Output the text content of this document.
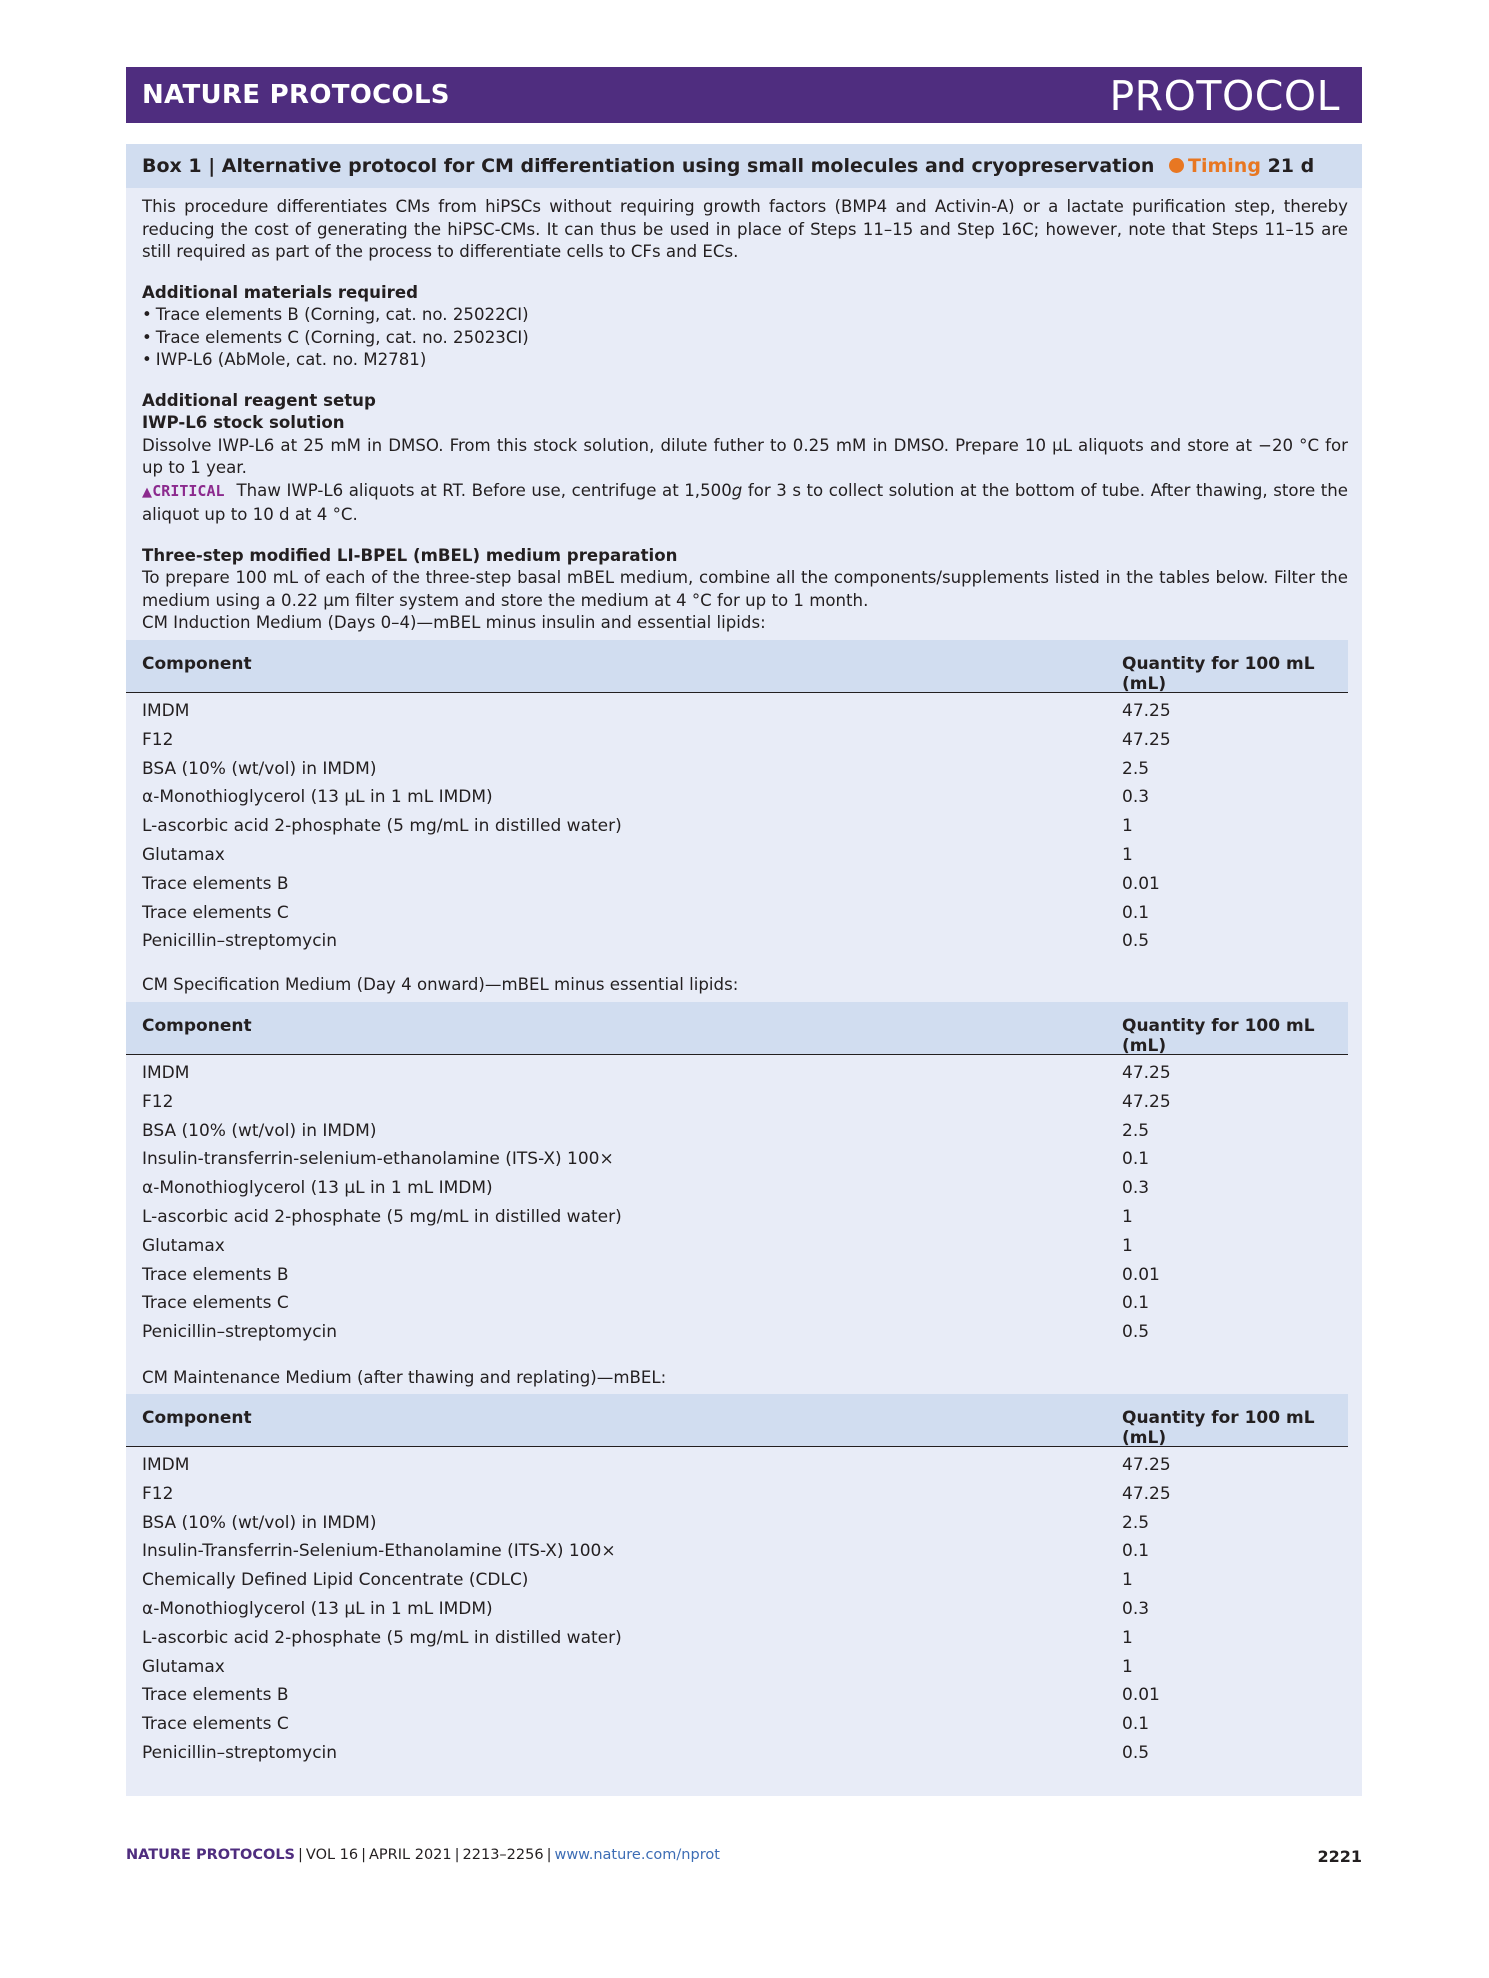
NATURE PROTOCOLS	PROTOCOL
Box 1 | Alternative protocol for CM differentiation using small molecules and cryopreservation Timing 21 d

This procedure differentiates CMs from hiPSCs without requiring growth factors (BMP4 and Activin-A) or a lactate purification step, thereby reducing the cost of generating the hiPSC-CMs. It can thus be used in place of Steps 11–15 and Step 16C; however, note that Steps 11–15 are still required as part of the process to differentiate cells to CFs and ECs.

Additional materials required

• Trace elements B (Corning, cat. no. 25022CI)
• Trace elements C (Corning, cat. no. 25023CI)
• IWP-L6 (AbMole, cat. no. M2781)

Additional reagent setup

IWP-L6 stock solution

Dissolve IWP-L6 at 25 mM in DMSO. From this stock solution, dilute futher to 0.25 mM in DMSO. Prepare 10 µL aliquots and store at −20 °C for up to 1 year.

▲CRITICAL Thaw IWP-L6 aliquots at RT. Before use, centrifuge at 1,500g for 3 s to collect solution at the bottom of tube. After thawing, store the aliquot up to 10 d at 4 °C.

Three-step modified LI-BPEL (mBEL) medium preparation

To prepare 100 mL of each of the three-step basal mBEL medium, combine all the components/supplements listed in the tables below. Filter the medium using a 0.22 µm filter system and store the medium at 4 °C for up to 1 month.

CM Induction Medium (Days 0–4)—mBEL minus insulin and essential lipids:

Component	Quantity for 100 mL (mL)
IMDM	47.25
F12	47.25
BSA (10% (wt/vol) in IMDM)	2.5
α-Monothioglycerol (13 µL in 1 mL IMDM)	0.3
L-ascorbic acid 2-phosphate (5 mg/mL in distilled water)	1
Glutamax	1
Trace elements B	0.01
Trace elements C	0.1
Penicillin–streptomycin	0.5
CM Specification Medium (Day 4 onward)—mBEL minus essential lipids:
Component	Quantity for 100 mL (mL)
IMDM	47.25
F12	47.25
BSA (10% (wt/vol) in IMDM)	2.5
Insulin-transferrin-selenium-ethanolamine (ITS-X) 100×	0.1
α-Monothioglycerol (13 µL in 1 mL IMDM)	0.3
L-ascorbic acid 2-phosphate (5 mg/mL in distilled water)	1
Glutamax	1
Trace elements B	0.01
Trace elements C	0.1
Penicillin–streptomycin	0.5
CM Maintenance Medium (after thawing and replating)—mBEL:
Component	Quantity for 100 mL (mL)
IMDM	47.25
F12	47.25
BSA (10% (wt/vol) in IMDM)	2.5
Insulin-Transferrin-Selenium-Ethanolamine (ITS-X) 100×	0.1
Chemically Defined Lipid Concentrate (CDLC)	1
α-Monothioglycerol (13 µL in 1 mL IMDM)	0.3
L-ascorbic acid 2-phosphate (5 mg/mL in distilled water)	1
Glutamax	1
Trace elements B	0.01
Trace elements C	0.1
Penicillin–streptomycin	0.5
NATURE PROTOCOLS | VOL 16 | APRIL 2021 | 2213–2256 | www.nature.com/nprot	2221
